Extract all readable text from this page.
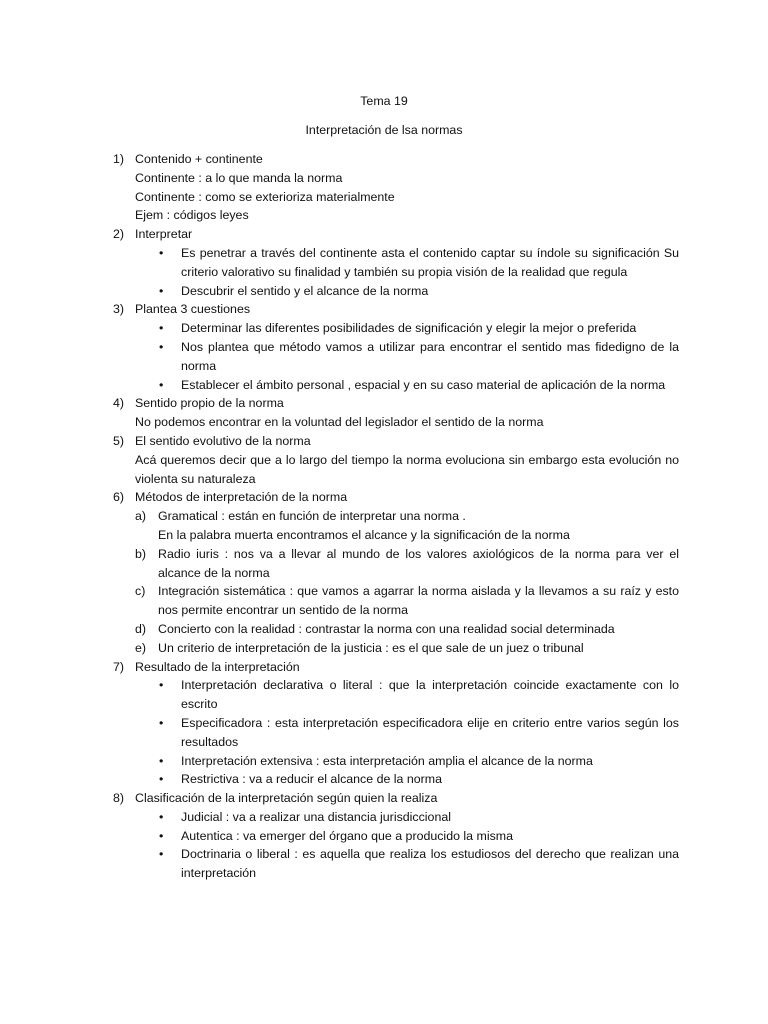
Tema 19
Interpretación de lsa normas
1) Contenido + continente
Continente : a lo que manda la norma
Continente : como se exterioriza materialmente
Ejem : códigos leyes
2) Interpretar
• Es penetrar a través del continente asta el contenido captar su índole su significación Su criterio valorativo su finalidad y también su propia visión de la realidad que regula
• Descubrir el sentido y el alcance de la norma
3) Plantea 3 cuestiones
• Determinar las diferentes posibilidades de significación y elegir la mejor o preferida
• Nos plantea que método vamos a utilizar para encontrar el sentido mas fidedigno de la norma
• Establecer el ámbito personal , espacial y en su caso material de aplicación de la norma
4) Sentido propio de la norma
No podemos encontrar en la voluntad del legislador el sentido de la norma
5) El sentido evolutivo de la norma
Acá queremos decir que a lo largo del tiempo la norma evoluciona sin embargo esta evolución no violenta su naturaleza
6) Métodos de interpretación de la norma
a) Gramatical : están en función de interpretar una norma .
En la palabra muerta encontramos el alcance y la significación de la norma
b) Radio iuris : nos va a llevar al mundo de los valores axiológicos de la norma para ver el alcance de la norma
c) Integración sistemática : que vamos a agarrar la norma aislada y la llevamos a su raíz y esto nos permite encontrar un sentido de la norma
d) Concierto con la realidad : contrastar la norma con una realidad social determinada
e) Un criterio de interpretación de la justicia : es el que sale de un juez o tribunal
7) Resultado de la interpretación
• Interpretación declarativa o literal : que la interpretación coincide exactamente con lo escrito
• Especificadora : esta interpretación especificadora elije en criterio entre varios según los resultados
• Interpretación extensiva : esta interpretación amplia el alcance de la norma
• Restrictiva : va a reducir el alcance de la norma
8) Clasificación de la interpretación según quien la realiza
• Judicial : va a realizar una distancia jurisdiccional
• Autentica : va emerger del órgano que a producido la misma
• Doctrinaria o liberal : es aquella que realiza los estudiosos del derecho que realizan una interpretación
